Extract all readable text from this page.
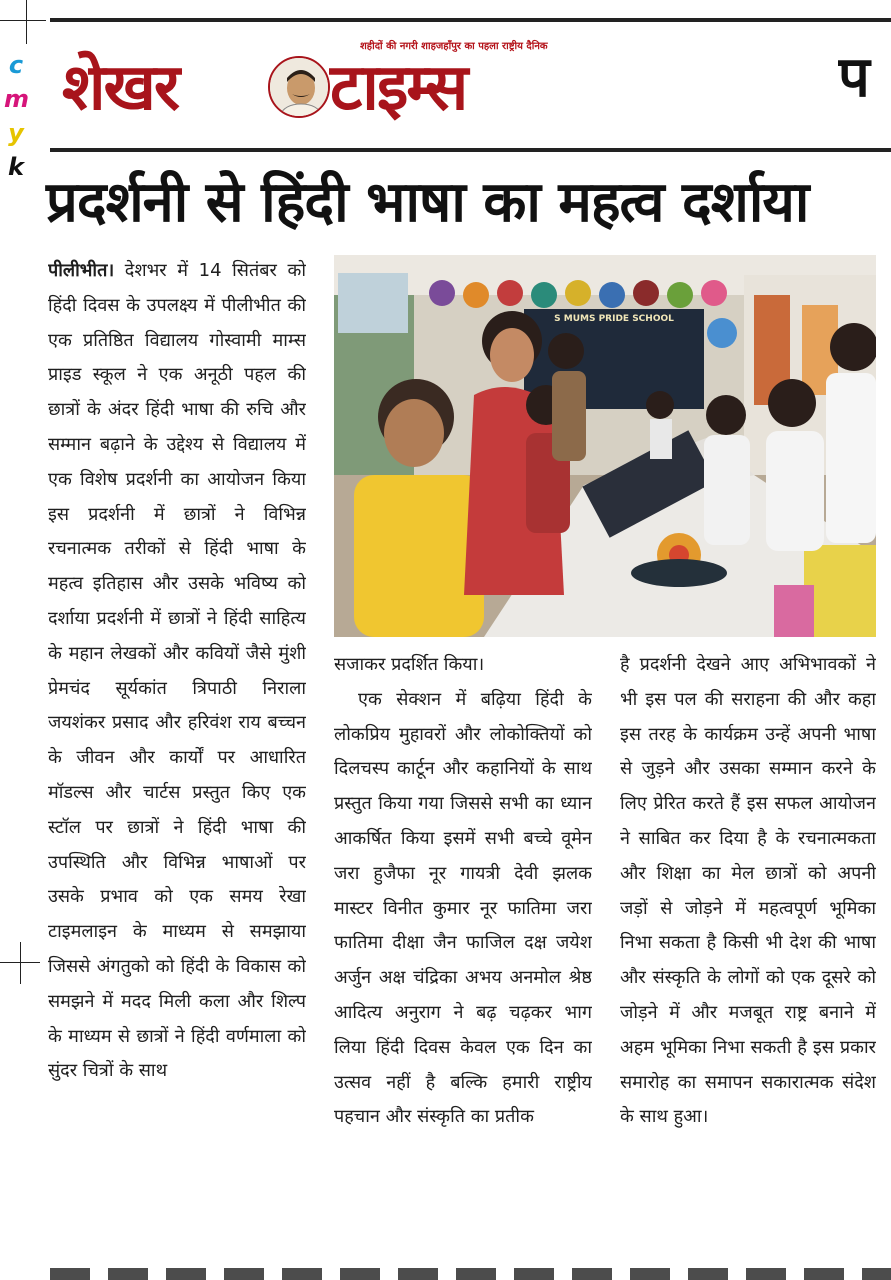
c
m
y
k
शहीदों की नगरी शाहजहाँपुर का पहला राष्ट्रीय दैनिक
शेखर	टाइम्स	प
प्रदर्शनी से हिंदी भाषा का महत्व दर्शाया
पीलीभीत। देशभर में 14 सितंबर को हिंदी दिवस के उपलक्ष्य में पीलीभीत की एक प्रतिष्ठित विद्यालय गोस्वामी माम्स प्राइड स्कूल ने एक अनूठी पहल की छात्रों के अंदर हिंदी भाषा की रुचि और सम्मान बढ़ाने के उद्देश्य से विद्यालय में एक विशेष प्रदर्शनी का आयोजन किया इस प्रदर्शनी में छात्रों ने विभिन्न रचनात्मक तरीकों से हिंदी भाषा के महत्व इतिहास और उसके भविष्य को दर्शाया प्रदर्शनी में छात्रों ने हिंदी साहित्य के महान लेखकों और कवियों जैसे मुंशी प्रेमचंद सूर्यकांत त्रिपाठी निराला जयशंकर प्रसाद और हरिवंश राय बच्चन के जीवन और कार्यों पर आधारित मॉडल्स और चार्टस प्रस्तुत किए एक स्टॉल पर छात्रों ने हिंदी भाषा की उपस्थिति और विभिन्न भाषाओं पर उसके प्रभाव को एक समय रेखा टाइमलाइन के माध्यम से समझाया जिससे अंगतुको को हिंदी के विकास को समझने में मदद मिली कला और शिल्प के माध्यम से छात्रों ने हिंदी वर्णमाला को सुंदर चित्रों के साथ
S MUMS PRIDE SCHOOL
सजाकर प्रदर्शित किया।
एक सेक्शन में बढ़िया हिंदी के लोकप्रिय मुहावरों और लोकोक्तियों को दिलचस्प कार्टून और कहानियों के साथ प्रस्तुत किया गया जिससे सभी का ध्यान आकर्षित किया इसमें सभी बच्चे वूमेन जरा हुजैफा नूर गायत्री देवी झलक मास्टर विनीत कुमार नूर फातिमा जरा फातिमा दीक्षा जैन फाजिल दक्ष जयेश अर्जुन अक्ष चंद्रिका अभय अनमोल श्रेष्ठ आदित्य अनुराग ने बढ़ चढ़कर भाग लिया हिंदी दिवस केवल एक दिन का उत्सव नहीं है बल्कि हमारी राष्ट्रीय पहचान और संस्कृति का प्रतीक
है प्रदर्शनी देखने आए अभिभावकों ने भी इस पल की सराहना की और कहा इस तरह के कार्यक्रम उन्हें अपनी भाषा से जुड़ने और उसका सम्मान करने के लिए प्रेरित करते हैं इस सफल आयोजन ने साबित कर दिया है के रचनात्मकता और शिक्षा का मेल छात्रों को अपनी जड़ों से जोड़ने में महत्वपूर्ण भूमिका निभा सकता है किसी भी देश की भाषा और संस्कृति के लोगों को एक दूसरे को जोड़ने में और मजबूत राष्ट्र बनाने में अहम भूमिका निभा सकती है इस प्रकार समारोह का समापन सकारात्मक संदेश के साथ हुआ।
